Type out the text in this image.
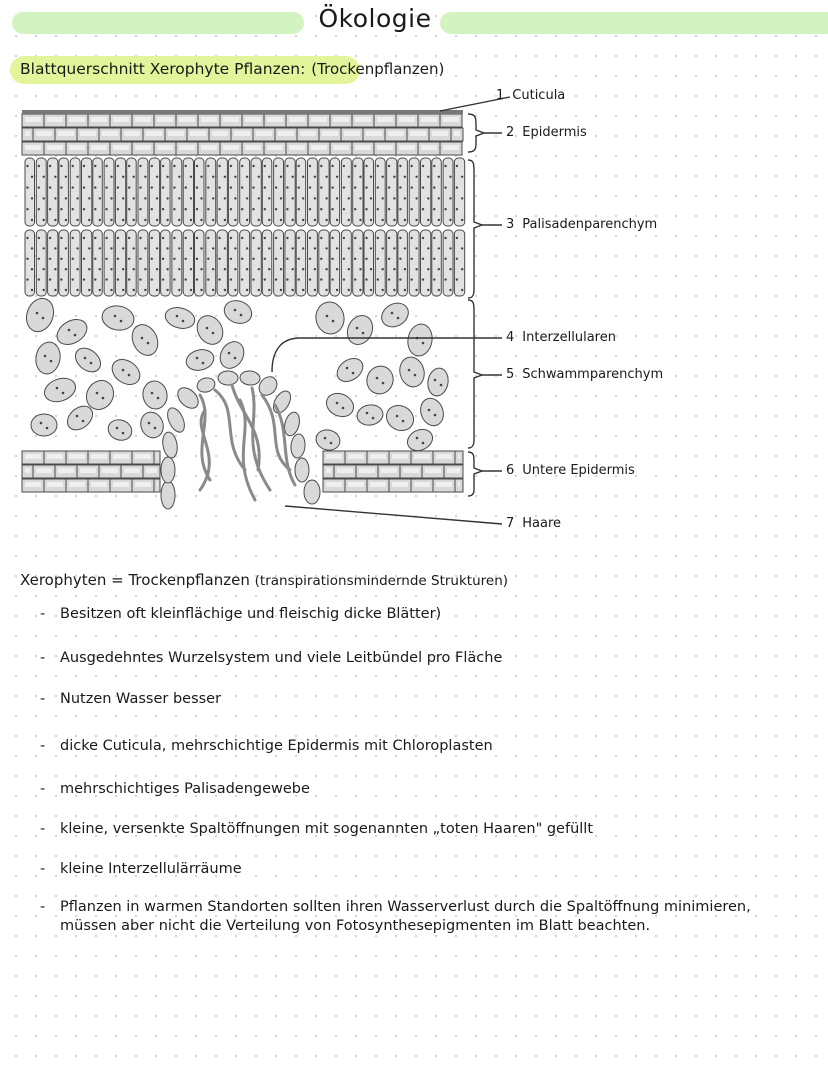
Ökologie
Blattquerschnitt Xerophyte Pflanzen: (Trockenpflanzen)
1 Cuticula
2 Epidermis
3 Palisadenparenchym
4 Interzellularen
5 Schwammparenchym
6 Untere Epidermis
7 Haare
Xerophyten = Trockenpflanzen (transpirationsmindernde Strukturen)
- Besitzen oft kleinflächige und fleischig dicke Blätter)
- Ausgedehntes Wurzelsystem und viele Leitbündel pro Fläche
- Nutzen Wasser besser
- dicke Cuticula, mehrschichtige Epidermis mit Chloroplasten
- mehrschichtiges Palisadengewebe
- kleine, versenkte Spaltöffnungen mit sogenannten „toten Haaren" gefüllt
- kleine Interzellulärräume
- Pflanzen in warmen Standorten sollten ihren Wasserverlust durch die Spaltöffnung minimieren, müssen aber nicht die Verteilung von Fotosynthesepigmenten im Blatt beachten.
